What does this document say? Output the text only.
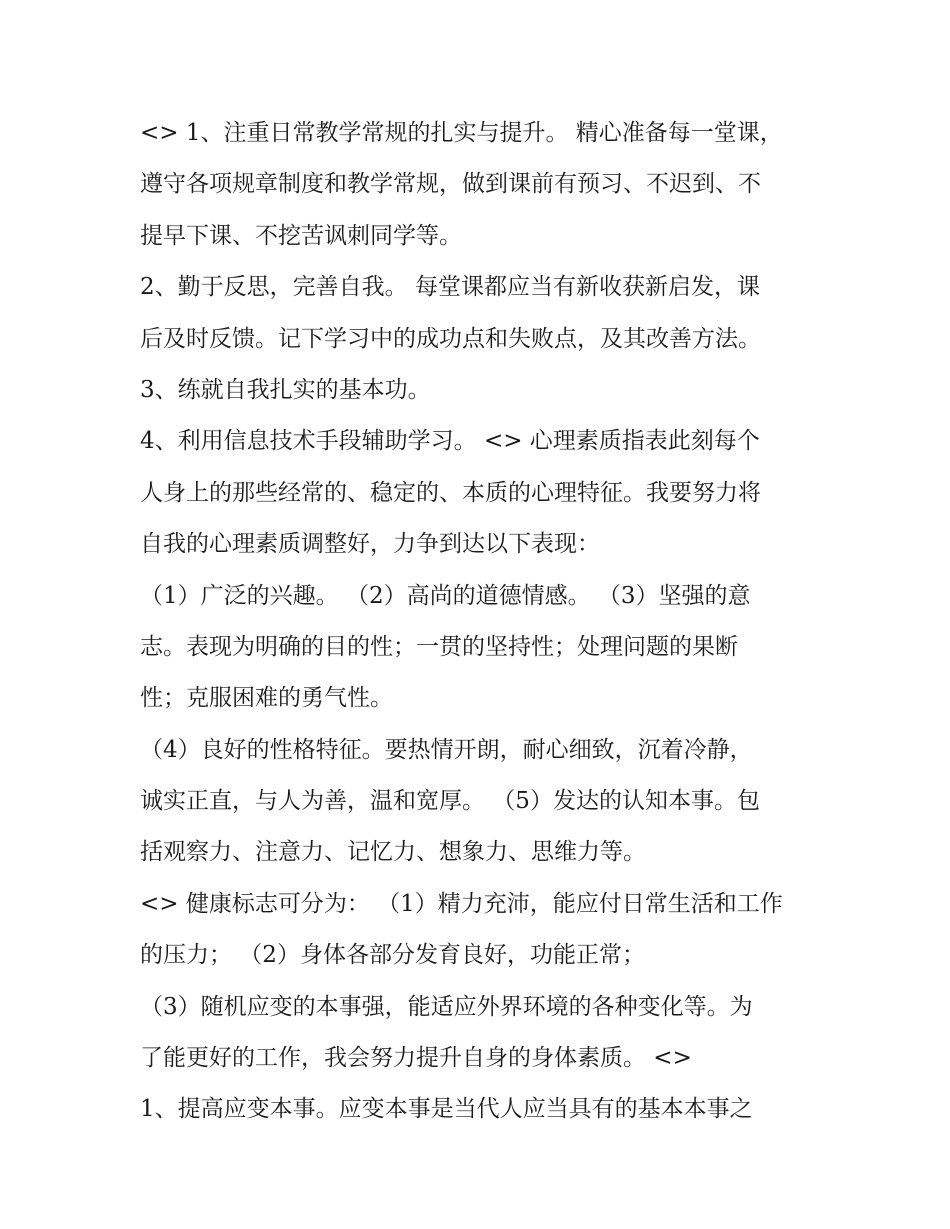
<> 1、注重日常教学常规的扎实与提升。 精心准备每一堂课，
遵守各项规章制度和教学常规，做到课前有预习、不迟到、不
提早下课、不挖苦讽刺同学等。
2、勤于反思，完善自我。 每堂课都应当有新收获新启发，课
后及时反馈。记下学习中的成功点和失败点，及其改善方法。
3、练就自我扎实的基本功。
4、利用信息技术手段辅助学习。 <> 心理素质指表此刻每个
人身上的那些经常的、稳定的、本质的心理特征。我要努力将
自我的心理素质调整好，力争到达以下表现：
（1）广泛的兴趣。 （2）高尚的道德情感。 （3）坚强的意
志。表现为明确的目的性；一贯的坚持性；处理问题的果断
性；克服困难的勇气性。
（4）良好的性格特征。要热情开朗，耐心细致，沉着冷静，
诚实正直，与人为善，温和宽厚。 （5）发达的认知本事。包
括观察力、注意力、记忆力、想象力、思维力等。
<> 健康标志可分为： （1）精力充沛，能应付日常生活和工作
的压力； （2）身体各部分发育良好，功能正常；
（3）随机应变的本事强，能适应外界环境的各种变化等。为
了能更好的工作，我会努力提升自身的身体素质。 <>
1、提高应变本事。应变本事是当代人应当具有的基本本事之
